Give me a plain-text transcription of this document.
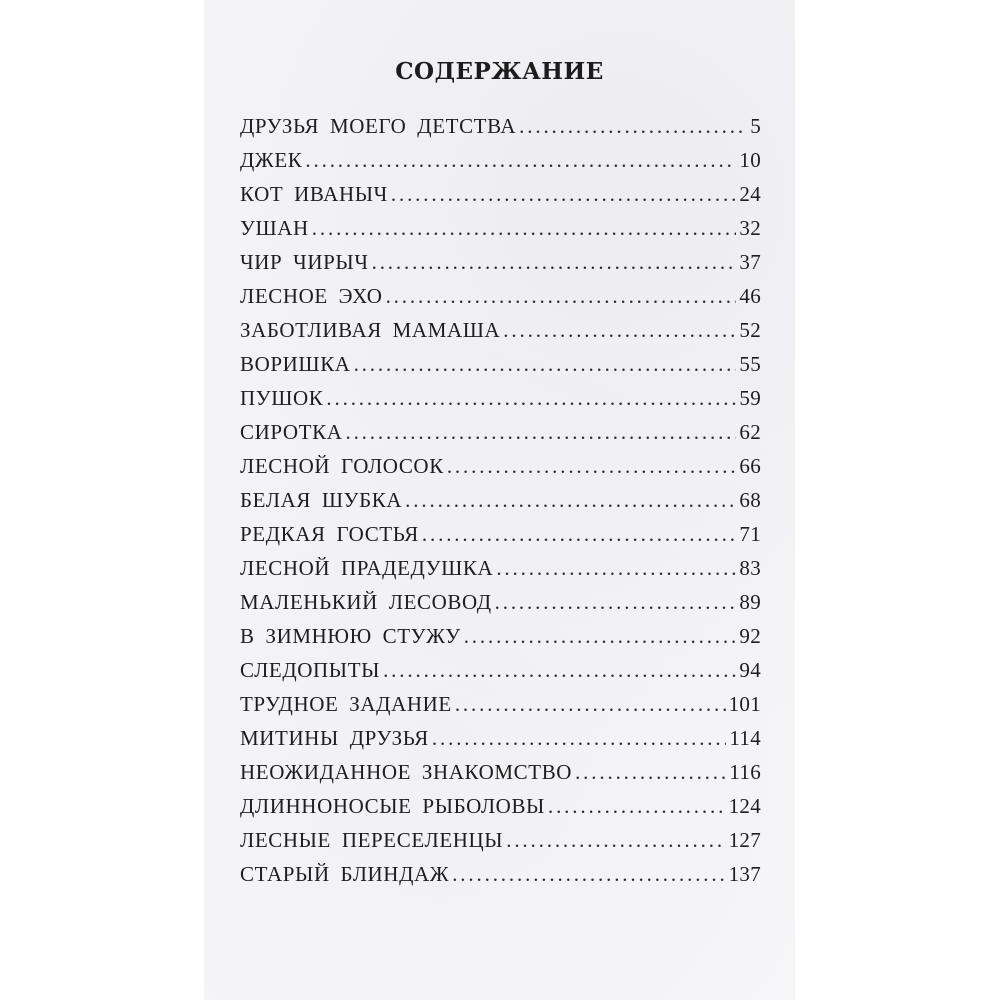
СОДЕРЖАНИЕ
ДРУЗЬЯ МОЕГО ДЕТСТВА . . .	5
ДЖЕК . . .	10
КОТ ИВАНЫЧ . . .	24
УШАН . . .	32
ЧИР ЧИРЫЧ . . .	37
ЛЕСНОЕ ЭХО . . .	46
ЗАБОТЛИВАЯ МАМАША . . .	52
ВОРИШКА . . .	55
ПУШОК . . .	59
СИРОТКА . . .	62
ЛЕСНОЙ ГОЛОСОК . . .	66
БЕЛАЯ ШУБКА . . .	68
РЕДКАЯ ГОСТЬЯ . . .	71
ЛЕСНОЙ ПРАДЕДУШКА . . .	83
МАЛЕНЬКИЙ ЛЕСОВОД . . .	89
В ЗИМНЮЮ СТУЖУ . . .	92
СЛЕДОПЫТЫ . . .	94
ТРУДНОЕ ЗАДАНИЕ . . .	101
МИТИНЫ ДРУЗЬЯ . . .	114
НЕОЖИДАННОЕ ЗНАКОМСТВО . . .	116
ДЛИННОНОСЫЕ РЫБОЛОВЫ . . .	124
ЛЕСНЫЕ ПЕРЕСЕЛЕНЦЫ . . .	127
СТАРЫЙ БЛИНДАЖ . . .	137
